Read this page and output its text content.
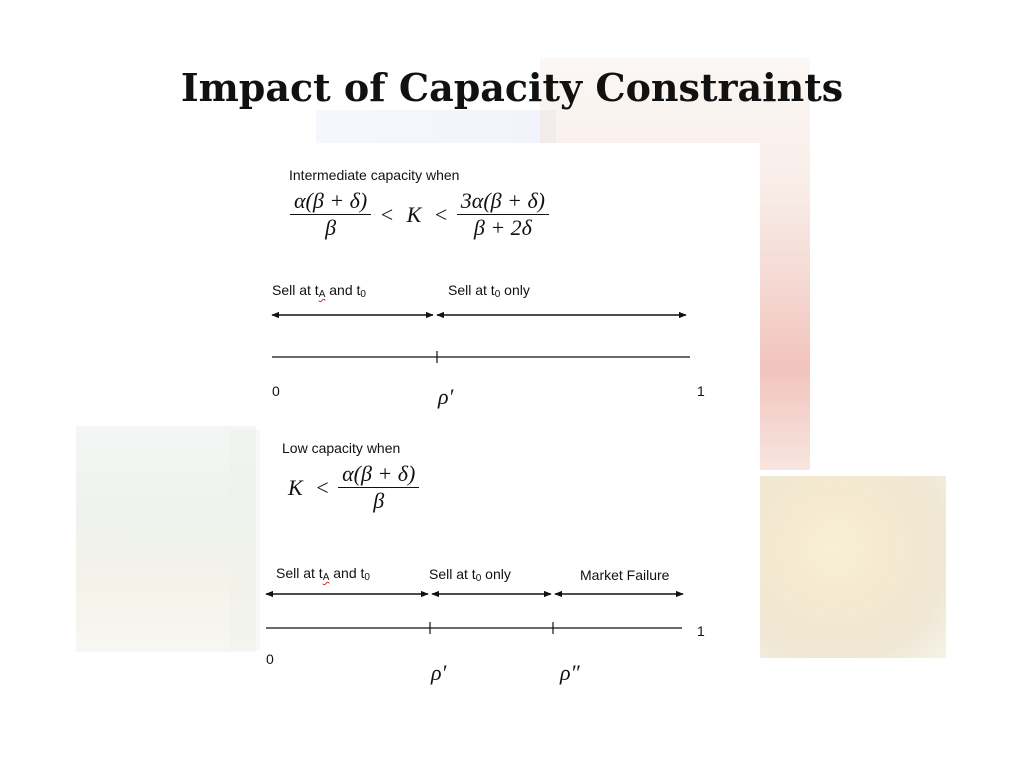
Impact of Capacity Constraints
Intermediate capacity when
$\frac{\alpha(\beta + \delta)}{\beta} < K < \frac{3\alpha(\beta + \delta)}{\beta + 2\delta}$
Sell at $t_A$ and $t_0$	Sell at $t_0$ only
0	1
ρ′
Low capacity when
$K < \frac{\alpha(\beta + \delta)}{\beta}$
Sell at $t_A$ and $t_0$	Sell at $t_0$ only	Market Failure
0
1
ρ′	ρ″
